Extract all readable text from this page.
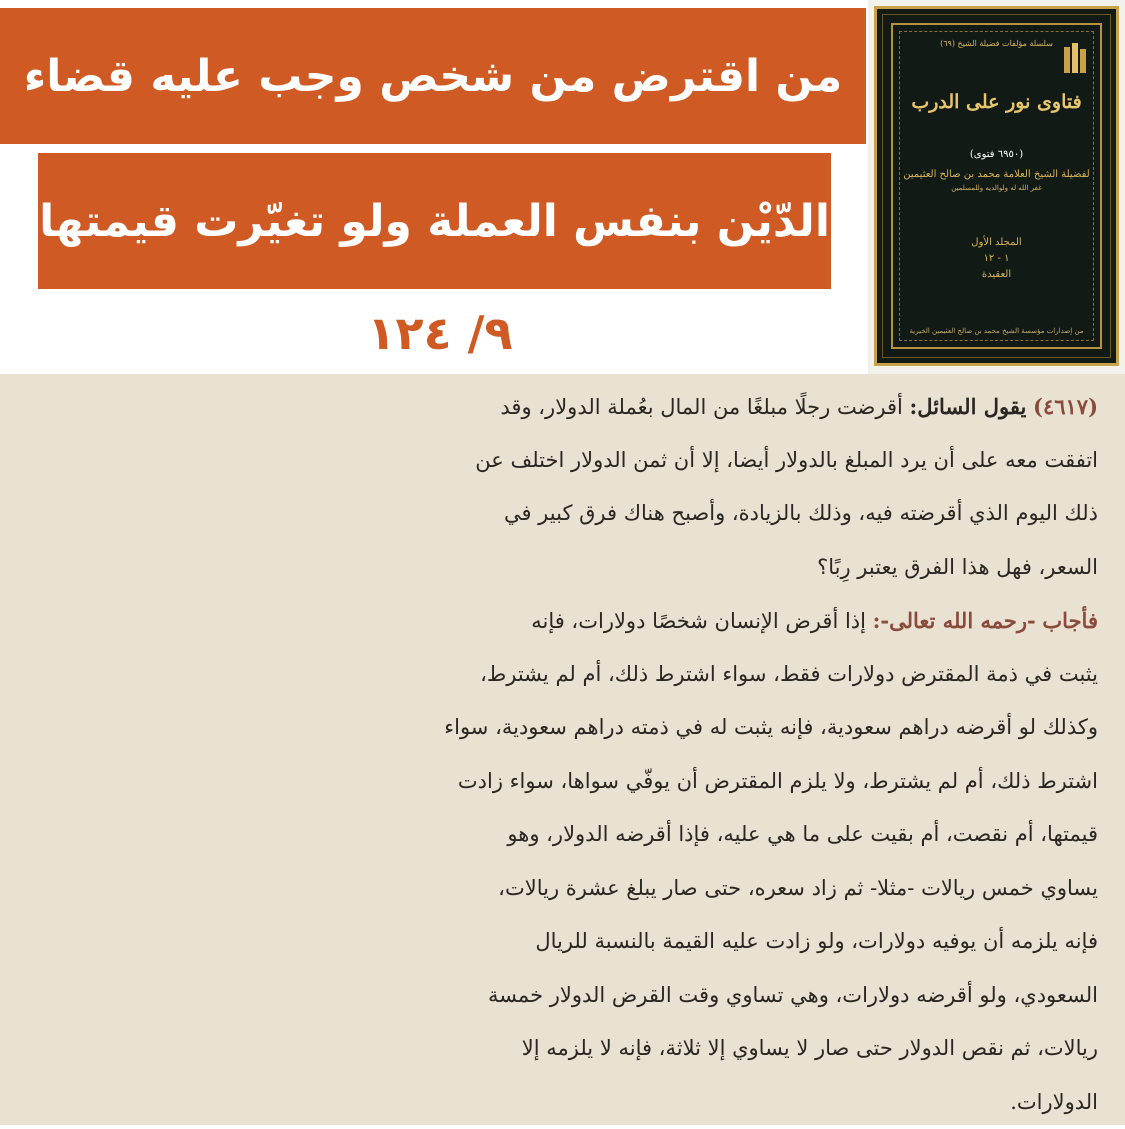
من اقترض من شخص وجب عليه قضاء
الدّيْن بنفس العملة ولو تغيّرت قيمتها
٩/ ١٢٤
سلسلة مؤلفات فضيلة الشيخ (٦٩)
فتاوى نور على الدرب
(٦٩٥٠ فتوى)
لفضيلة الشيخ العلامة محمد بن صالح العثيمين
غفر الله له ولوالديه وللمسلمين
المجلد الأول
١ - ١٢
العقيدة
من إصدارات مؤسسة الشيخ محمد بن صالح العثيمين الخيرية
(٤٦١٧) يقول السائل: أقرضت رجلًا مبلغًا من المال بعُملة الدولار، وقد
اتفقت معه على أن يرد المبلغ بالدولار أيضا، إلا أن ثمن الدولار اختلف عن
ذلك اليوم الذي أقرضته فيه، وذلك بالزيادة، وأصبح هناك فرق كبير في
السعر، فهل هذا الفرق يعتبر رِبًا؟
فأجاب -رحمه الله تعالى-: إذا أقرض الإنسان شخصًا دولارات، فإنه
يثبت في ذمة المقترض دولارات فقط، سواء اشترط ذلك، أم لم يشترط،
وكذلك لو أقرضه دراهم سعودية، فإنه يثبت له في ذمته دراهم سعودية، سواء
اشترط ذلك، أم لم يشترط، ولا يلزم المقترض أن يوفّي سواها، سواء زادت
قيمتها، أم نقصت، أم بقيت على ما هي عليه، فإذا أقرضه الدولار، وهو
يساوي خمس ريالات -مثلا- ثم زاد سعره، حتى صار يبلغ عشرة ريالات،
فإنه يلزمه أن يوفيه دولارات، ولو زادت عليه القيمة بالنسبة للريال
السعودي، ولو أقرضه دولارات، وهي تساوي وقت القرض الدولار خمسة
ريالات، ثم نقص الدولار حتى صار لا يساوي إلا ثلاثة، فإنه لا يلزمه إلا
الدولارات.
